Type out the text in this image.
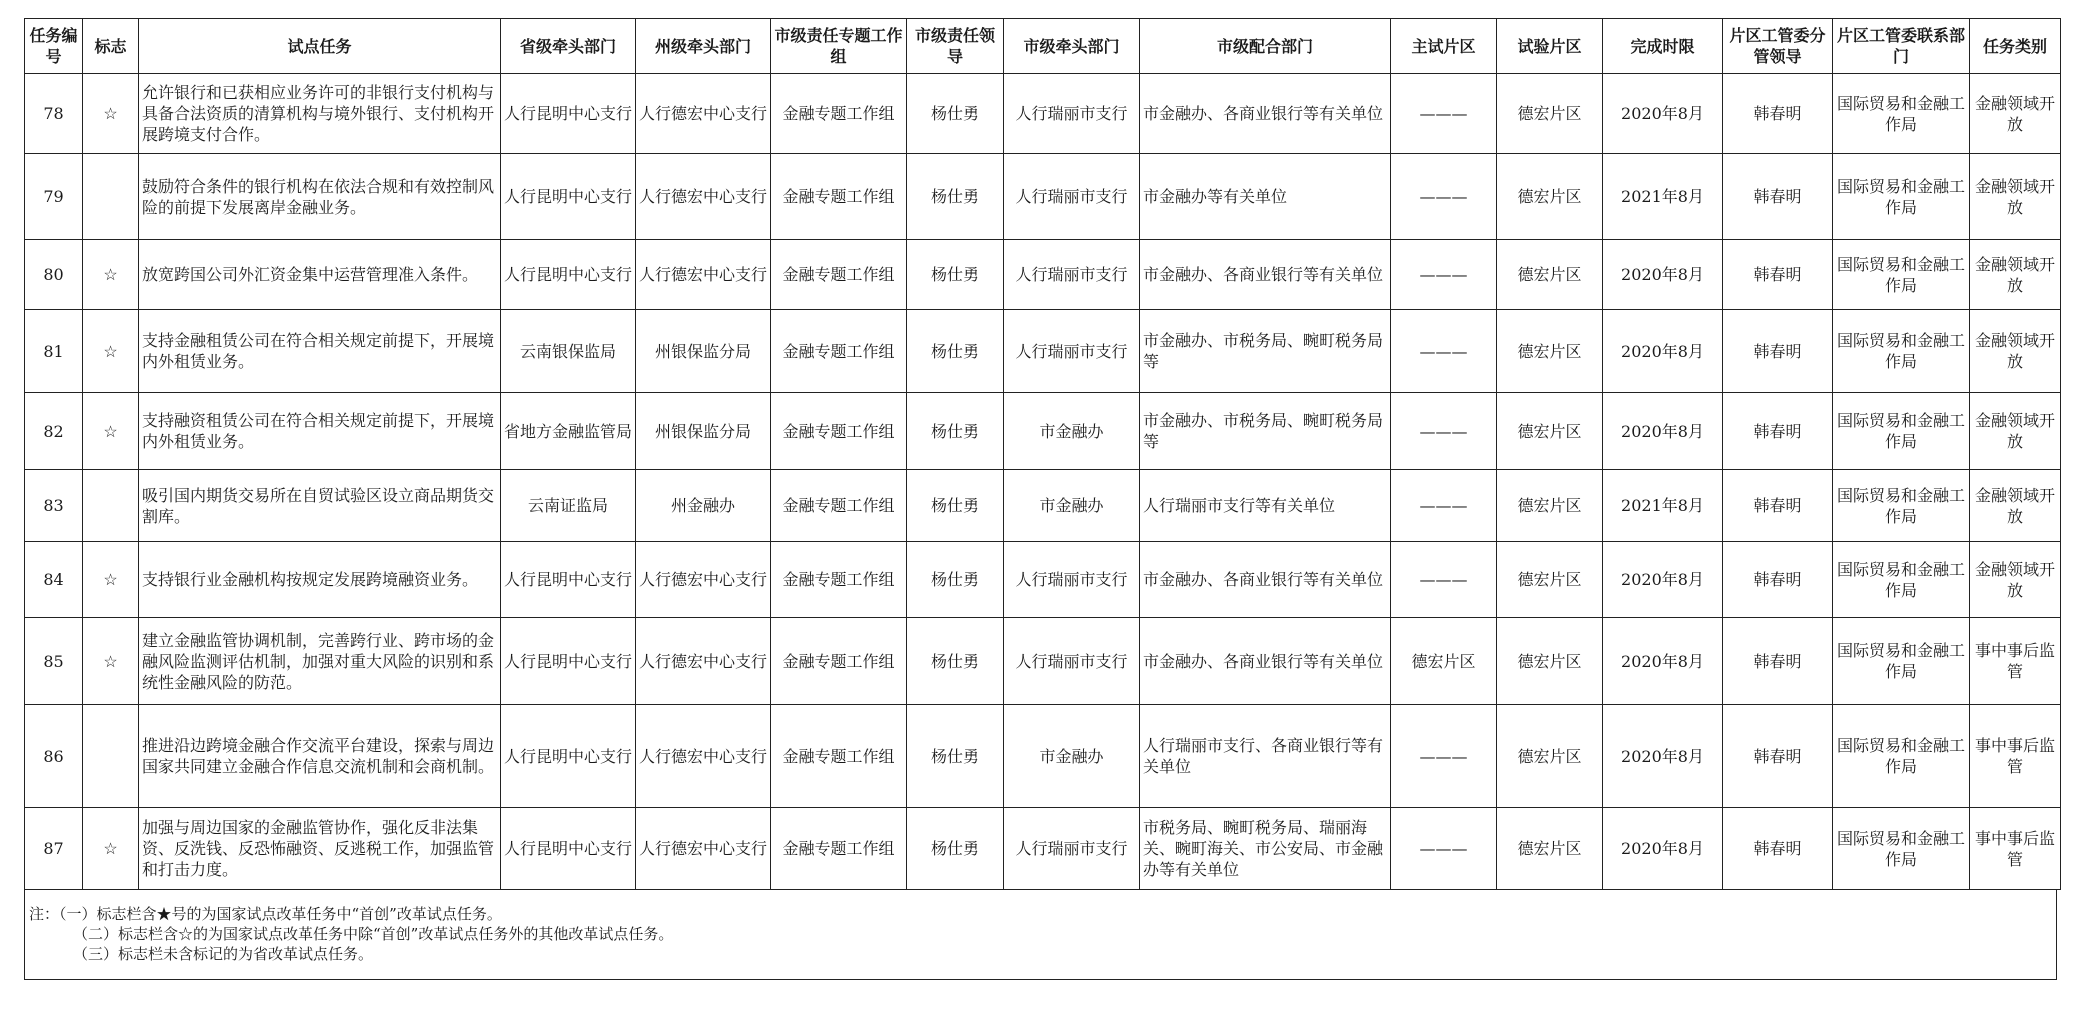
任务编号	标志	试点任务	省级牵头部门	州级牵头部门	市级责任专题工作组	市级责任领导	市级牵头部门	市级配合部门	主试片区	试验片区	完成时限	片区工管委分管领导	片区工管委联系部门	任务类别
78	☆	允许银行和已获相应业务许可的非银行支付机构与具备合法资质的清算机构与境外银行、支付机构开展跨境支付合作。	人行昆明中心支行	人行德宏中心支行	金融专题工作组	杨仕勇	人行瑞丽市支行	市金融办、各商业银行等有关单位	———	德宏片区	2020年8月	韩春明	国际贸易和金融工作局	金融领域开放
79		鼓励符合条件的银行机构在依法合规和有效控制风险的前提下发展离岸金融业务。	人行昆明中心支行	人行德宏中心支行	金融专题工作组	杨仕勇	人行瑞丽市支行	市金融办等有关单位	———	德宏片区	2021年8月	韩春明	国际贸易和金融工作局	金融领域开放
80	☆	放宽跨国公司外汇资金集中运营管理准入条件。	人行昆明中心支行	人行德宏中心支行	金融专题工作组	杨仕勇	人行瑞丽市支行	市金融办、各商业银行等有关单位	———	德宏片区	2020年8月	韩春明	国际贸易和金融工作局	金融领域开放
81	☆	支持金融租赁公司在符合相关规定前提下，开展境内外租赁业务。	云南银保监局	州银保监分局	金融专题工作组	杨仕勇	人行瑞丽市支行	市金融办、市税务局、畹町税务局等	———	德宏片区	2020年8月	韩春明	国际贸易和金融工作局	金融领域开放
82	☆	支持融资租赁公司在符合相关规定前提下，开展境内外租赁业务。	省地方金融监管局	州银保监分局	金融专题工作组	杨仕勇	市金融办	市金融办、市税务局、畹町税务局等	———	德宏片区	2020年8月	韩春明	国际贸易和金融工作局	金融领域开放
83		吸引国内期货交易所在自贸试验区设立商品期货交割库。	云南证监局	州金融办	金融专题工作组	杨仕勇	市金融办	人行瑞丽市支行等有关单位	———	德宏片区	2021年8月	韩春明	国际贸易和金融工作局	金融领域开放
84	☆	支持银行业金融机构按规定发展跨境融资业务。	人行昆明中心支行	人行德宏中心支行	金融专题工作组	杨仕勇	人行瑞丽市支行	市金融办、各商业银行等有关单位	———	德宏片区	2020年8月	韩春明	国际贸易和金融工作局	金融领域开放
85	☆	建立金融监管协调机制，完善跨行业、跨市场的金融风险监测评估机制，加强对重大风险的识别和系统性金融风险的防范。	人行昆明中心支行	人行德宏中心支行	金融专题工作组	杨仕勇	人行瑞丽市支行	市金融办、各商业银行等有关单位	德宏片区	德宏片区	2020年8月	韩春明	国际贸易和金融工作局	事中事后监管
86		推进沿边跨境金融合作交流平台建设，探索与周边国家共同建立金融合作信息交流机制和会商机制。	人行昆明中心支行	人行德宏中心支行	金融专题工作组	杨仕勇	市金融办	人行瑞丽市支行、各商业银行等有关单位	———	德宏片区	2020年8月	韩春明	国际贸易和金融工作局	事中事后监管
87	☆	加强与周边国家的金融监管协作，强化反非法集资、反洗钱、反恐怖融资、反逃税工作，加强监管和打击力度。	人行昆明中心支行	人行德宏中心支行	金融专题工作组	杨仕勇	人行瑞丽市支行	市税务局、畹町税务局、瑞丽海关、畹町海关、市公安局、市金融办等有关单位	———	德宏片区	2020年8月	韩春明	国际贸易和金融工作局	事中事后监管
注：（一）标志栏含★号的为国家试点改革任务中“首创”改革试点任务。
（二）标志栏含☆的为国家试点改革任务中除“首创”改革试点任务外的其他改革试点任务。
（三）标志栏未含标记的为省改革试点任务。
